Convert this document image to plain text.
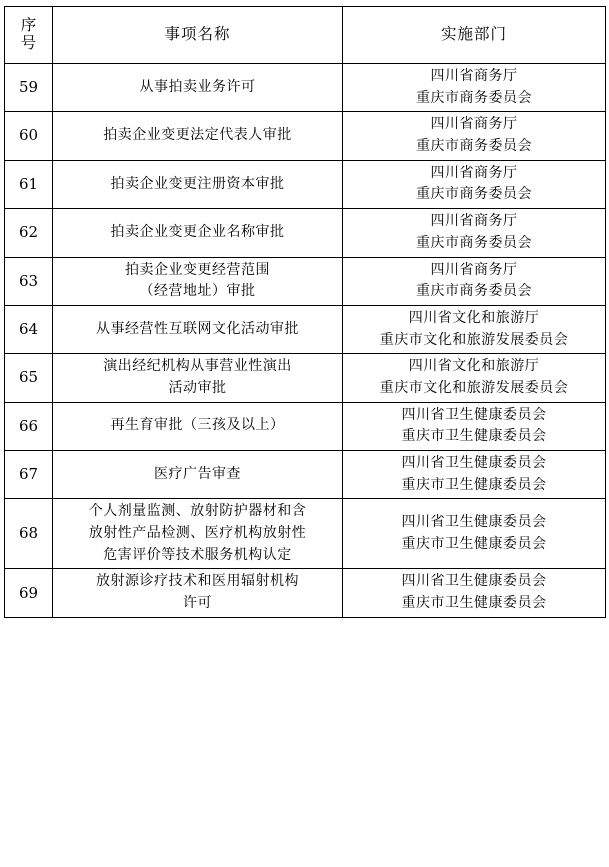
序
号	事项名称	实施部门
59	从事拍卖业务许可	四川省商务厅
重庆市商务委员会

60	拍卖企业变更法定代表人审批	四川省商务厅
重庆市商务委员会

61	拍卖企业变更注册资本审批	四川省商务厅
重庆市商务委员会

62	拍卖企业变更企业名称审批	四川省商务厅
重庆市商务委员会

63	拍卖企业变更经营范围
（经营地址）审批	四川省商务厅
重庆市商务委员会

64	从事经营性互联网文化活动审批	四川省文化和旅游厅
重庆市文化和旅游发展委员会

65	演出经纪机构从事营业性演出
活动审批	四川省文化和旅游厅
重庆市文化和旅游发展委员会

66	再生育审批（三孩及以上）	四川省卫生健康委员会
重庆市卫生健康委员会

67	医疗广告审查	四川省卫生健康委员会
重庆市卫生健康委员会

68	个人剂量监测、放射防护器材和含
放射性产品检测、医疗机构放射性
危害评价等技术服务机构认定	四川省卫生健康委员会
重庆市卫生健康委员会

69	放射源诊疗技术和医用辐射机构
许可	四川省卫生健康委员会
重庆市卫生健康委员会
